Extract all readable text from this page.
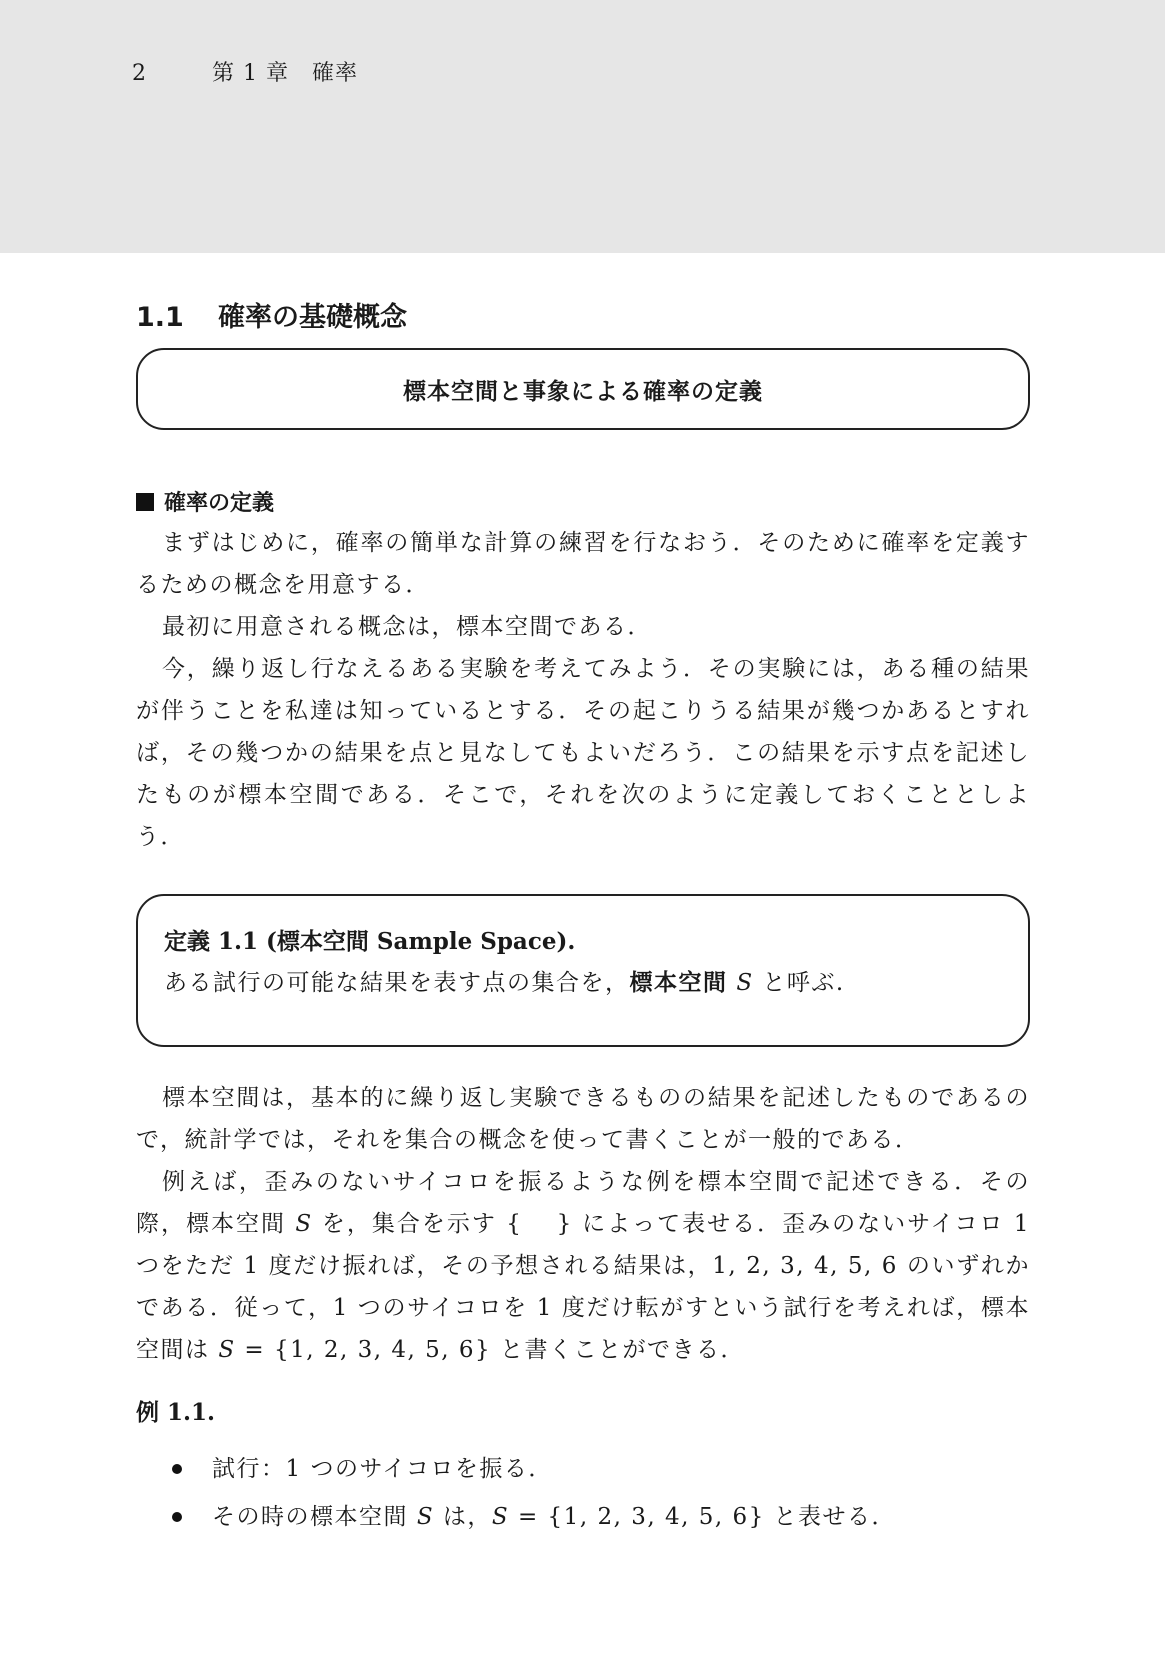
2	第 1 章　確率
1.1 確率の基礎概念
標本空間と事象による確率の定義
確率の定義

まずはじめに，確率の簡単な計算の練習を行なおう．そのために確率を定義するための概念を用意する．

最初に用意される概念は，標本空間である．

今，繰り返し行なえるある実験を考えてみよう．その実験には，ある種の結果が伴うことを私達は知っているとする．その起こりうる結果が幾つかあるとすれば，その幾つかの結果を点と見なしてもよいだろう．この結果を示す点を記述したものが標本空間である．そこで，それを次のように定義しておくこととしよう．

定義 1.1 (標本空間 Sample Space).
ある試行の可能な結果を表す点の集合を，標本空間 S と呼ぶ.

標本空間は，基本的に繰り返し実験できるものの結果を記述したものであるので，統計学では，それを集合の概念を使って書くことが一般的である．

例えば，歪みのないサイコロを振るような例を標本空間で記述できる．その際，標本空間 S を，集合を示す { 　} によって表せる．歪みのないサイコロ 1 つをただ 1 度だけ振れば，その予想される結果は，1, 2, 3, 4, 5, 6 のいずれかである．従って，1 つのサイコロを 1 度だけ転がすという試行を考えれば，標本空間は S = {1, 2, 3, 4, 5, 6} と書くことができる．

例 1.1.
試行：1 つのサイコロを振る．
その時の標本空間 S は，S = {1, 2, 3, 4, 5, 6} と表せる．
